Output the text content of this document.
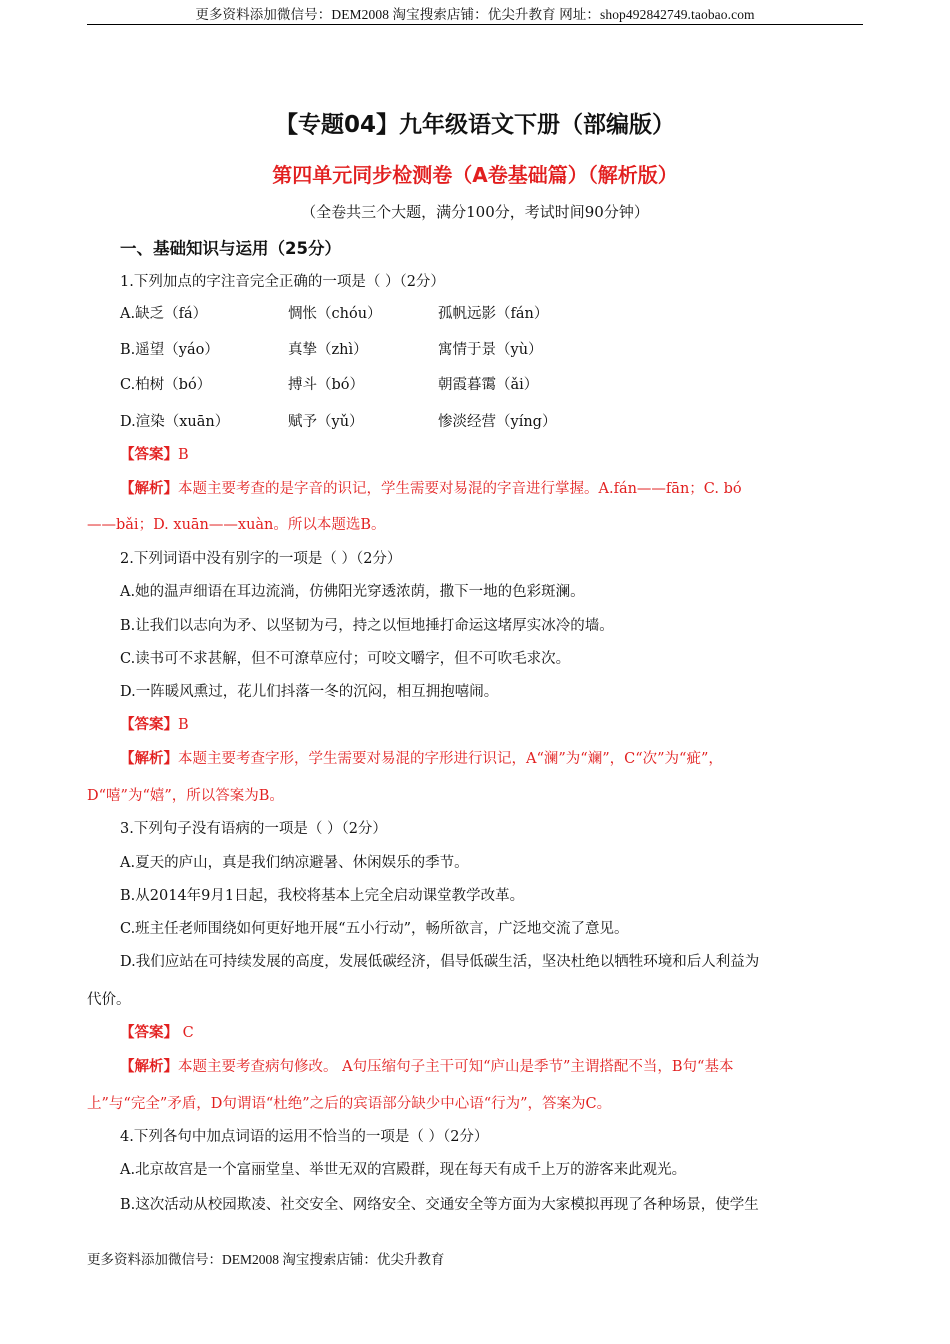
更多资料添加微信号：DEM2008 淘宝搜索店铺：优尖升教育 网址：shop492842749.taobao.com
【专题04】九年级语文下册（部编版）
第四单元同步检测卷（A卷基础篇）（解析版）
（全卷共三个大题，满分100分，考试时间90分钟）
一、基础知识与运用（25分）
1.下列加点的字注音完全正确的一项是（ ）（2分）
A.缺乏（fá）	惆怅（chóu）	孤帆远影（fán）
B.遥望（yáo）	真挚（zhì）	寓情于景（yù）
C.柏树（bó）	搏斗（bó）	朝霞暮霭（ǎi）
D.渲染（xuān）	赋予（yǔ）	惨淡经营（yíng）
【答案】B
【解析】本题主要考查的是字音的识记，学生需要对易混的字音进行掌握。A.fán——fān；C. bó
——bǎi；D. xuān——xuàn。所以本题选B。
2.下列词语中没有别字的一项是（ ）（2分）
A.她的温声细语在耳边流淌，仿佛阳光穿透浓荫，撒下一地的色彩斑澜。
B.让我们以志向为矛、以坚韧为弓，持之以恒地捶打命运这堵厚实冰冷的墙。
C.读书可不求甚解，但不可潦草应付；可咬文嚼字，但不可吹毛求次。
D.一阵暖风熏过，花儿们抖落一冬的沉闷，相互拥抱嘻闹。
【答案】B
【解析】本题主要考查字形，学生需要对易混的字形进行识记，A“澜”为“斓”，C“次”为“疵”，
D“嘻”为“嬉”，所以答案为B。
3.下列句子没有语病的一项是（ ）（2分）
A.夏天的庐山，真是我们纳凉避暑、休闲娱乐的季节。
B.从2014年9月1日起，我校将基本上完全启动课堂教学改革。
C.班主任老师围绕如何更好地开展“五小行动”，畅所欲言，广泛地交流了意见。
D.我们应站在可持续发展的高度，发展低碳经济，倡导低碳生活，坚决杜绝以牺牲环境和后人利益为
代价。
【答案】 C
【解析】本题主要考查病句修改。 A句压缩句子主干可知“庐山是季节”主谓搭配不当，B句“基本
上”与“完全”矛盾，D句谓语“杜绝”之后的宾语部分缺少中心语“行为”，答案为C。
4.下列各句中加点词语的运用不恰当的一项是（ ）（2分）
A.北京故宫是一个富丽堂皇、举世无双的宫殿群，现在每天有成千上万的游客来此观光。
B.这次活动从校园欺凌、社交安全、网络安全、交通安全等方面为大家模拟再现了各种场景，使学生
更多资料添加微信号：DEM2008 淘宝搜索店铺：优尖升教育
